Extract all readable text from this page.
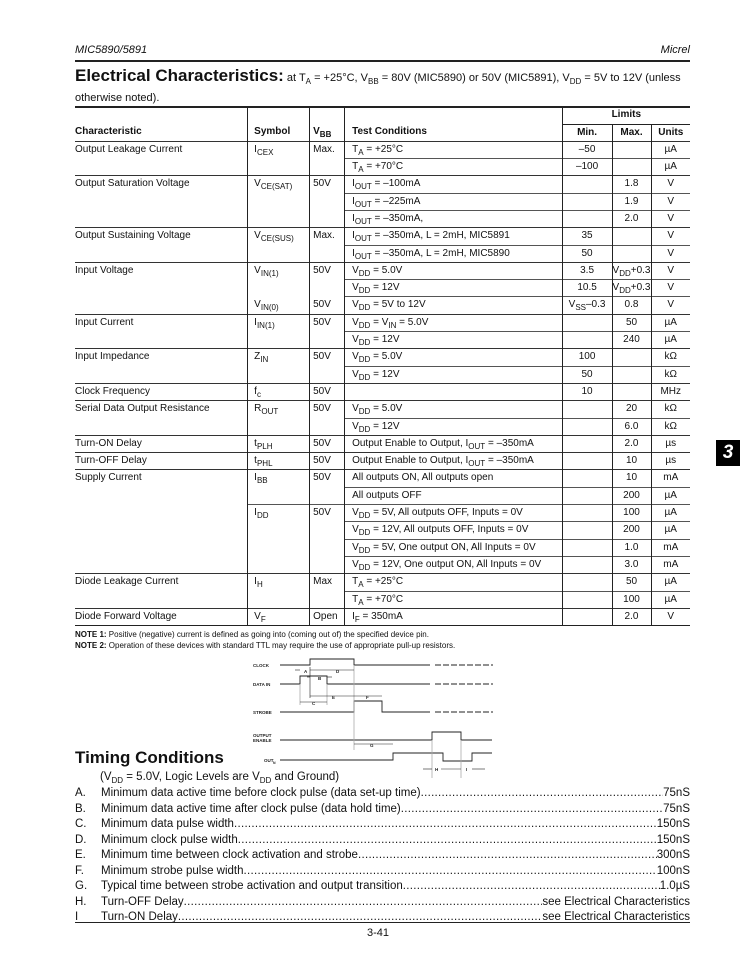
MIC5890/5891	Micrel
Electrical Characteristics: at $T_A = +25^\circ C$, $V_{BB} = 80V$ (MIC5890) or 50V (MIC5891), $V_{DD} = 5V$ to 12V (unless otherwise noted).
				Limits		
Characteristic	Symbol	$V_{BB}$	Test Conditions	Min.	Max.	Units
Output Leakage Current	$I_{CEX}$	Max.	$T_A = +25^\circ C$	–50		µA
			$T_A = +70^\circ C$	–100		µA
Output Saturation Voltage	$V_{CE(SAT)}$	50V	$I_{OUT} = -100mA$		1.8	V
			$I_{OUT} = -225mA$		1.9	V
			$I_{OUT} = -350mA$,		2.0	V
Output Sustaining Voltage	$V_{CE(SUS)}$	Max.	$I_{OUT} = -350mA$, L = 2mH, MIC5891	35		V
			$I_{OUT} = -350mA$, L = 2mH, MIC5890	50		V
Input Voltage	$V_{IN(1)}$	50V	$V_{DD} = 5.0V$	3.5	$V_{DD}+0.3$	V
			$V_{DD} = 12V$	10.5	$V_{DD}+0.3$	V
	$V_{IN(0)}$	50V	$V_{DD} = 5V$ to 12V	$V_{SS}-0.3$	0.8	V
Input Current	$I_{IN(1)}$	50V	$V_{DD} = V_{IN} = 5.0V$		50	µA
			$V_{DD} = 12V$		240	µA
Input Impedance	$Z_{IN}$	50V	$V_{DD} = 5.0V$	100		kΩ
			$V_{DD} = 12V$	50		kΩ
Clock Frequency	$f_c$	50V		10		MHz
Serial Data Output Resistance	$R_{OUT}$	50V	$V_{DD} = 5.0V$		20	kΩ
			$V_{DD} = 12V$		6.0	kΩ
Turn-ON Delay	$t_{PLH}$	50V	Output Enable to Output, $I_{OUT} = -350mA$		2.0	µs
Turn-OFF Delay	$t_{PHL}$	50V	Output Enable to Output, $I_{OUT} = -350mA$		10	µs
Supply Current	$I_{BB}$	50V	All outputs ON, All outputs open		10	mA
			All outputs OFF		200	µA
	$I_{DD}$	50V	$V_{DD} = 5V$, All outputs OFF, Inputs = 0V		100	µA
			$V_{DD} = 12V$, All outputs OFF, Inputs = 0V		200	µA
			$V_{DD} = 5V$, One output ON, All Inputs = 0V		1.0	mA
			$V_{DD} = 12V$, One output ON, All Inputs = 0V		3.0	mA
Diode Leakage Current	$I_H$	Max	$T_A = +25^\circ C$		50	µA
			$T_A = +70^\circ C$		100	µA
Diode Forward Voltage	$V_F$	Open	$I_F = 350mA$		2.0	V
NOTE 1: Positive (negative) current is defined as going into (coming out of) the specified device pin.
NOTE 2: Operation of these devices with standard TTL may require the use of appropriate pull-up resistors.
CLOCK
DATA IN
STROBE
OUTPUT
ENABLE
OUT N
A
B
C
D
E	F
G
H	I
Timing Conditions
($V_{DD} = 5.0V$, Logic Levels are $V_{DD}$ and Ground)
A.	Minimum data active time before clock pulse (data set-up time) .....	75nS
B.	Minimum data active time after clock pulse (data hold time) .....	75nS
C.	Minimum data pulse width .....	150nS
D.	Minimum clock pulse width .....	150nS
E.	Minimum time between clock activation and strobe .....	300nS
F.	Minimum strobe pulse width .....	100nS
G.	Typical time between strobe activation and output transition .....	1.0µS
H.	Turn-OFF Delay .....	see Electrical Characteristics
I	Turn-ON Delay .....	see Electrical Characteristics
3-41
3
